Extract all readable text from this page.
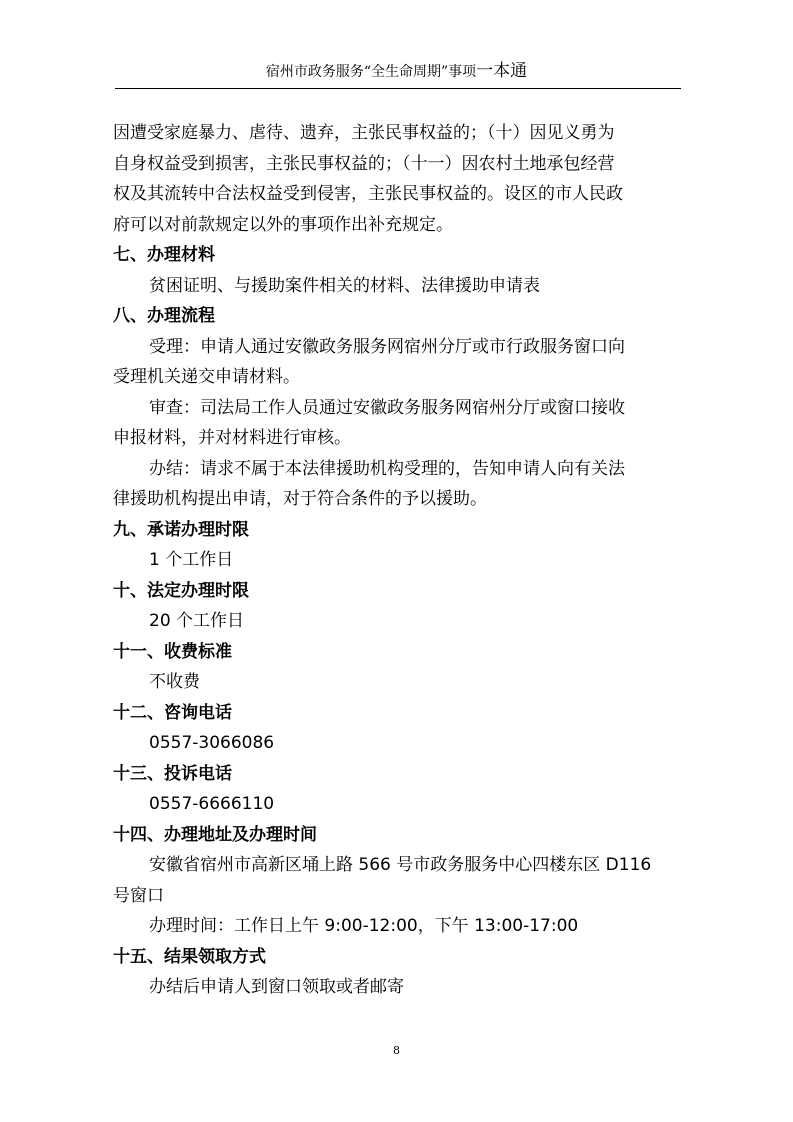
宿州市政务服务“全生命周期”事项一本通
因遭受家庭暴力、虐待、遗弃，主张民事权益的；（十）因见义勇为
自身权益受到损害，主张民事权益的；（十一）因农村土地承包经营
权及其流转中合法权益受到侵害，主张民事权益的。设区的市人民政
府可以对前款规定以外的事项作出补充规定。
七、办理材料
贫困证明、与援助案件相关的材料、法律援助申请表
八、办理流程
受理：申请人通过安徽政务服务网宿州分厅或市行政服务窗口向
受理机关递交申请材料。
审查：司法局工作人员通过安徽政务服务网宿州分厅或窗口接收
申报材料，并对材料进行审核。
办结：请求不属于本法律援助机构受理的，告知申请人向有关法
律援助机构提出申请，对于符合条件的予以援助。
九、承诺办理时限
1 个工作日
十、法定办理时限
20 个工作日
十一、收费标准
不收费
十二、咨询电话
0557-3066086
十三、投诉电话
0557-6666110
十四、办理地址及办理时间
安徽省宿州市高新区埇上路 566 号市政务服务中心四楼东区 D116
号窗口
办理时间：工作日上午 9:00-12:00，下午 13:00-17:00
十五、结果领取方式
办结后申请人到窗口领取或者邮寄
8
